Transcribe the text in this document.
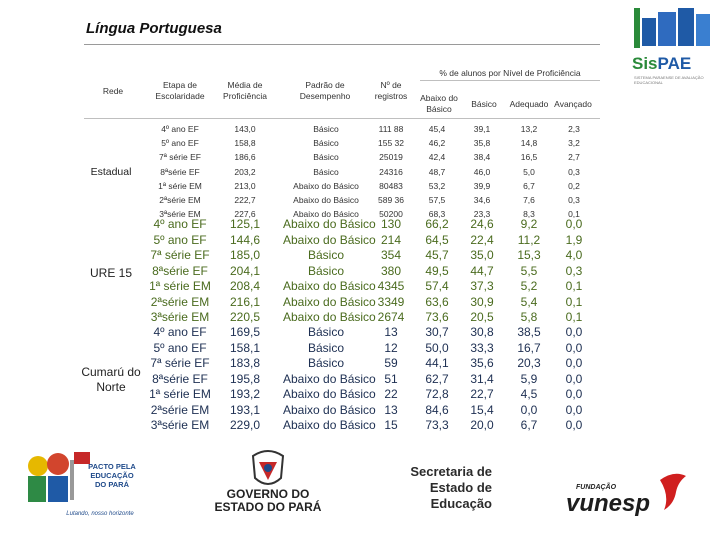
Língua Portuguesa
SisPAE
SISTEMA PARAENSE DE AVALIAÇÃO EDUCACIONAL
Rede
Etapa de Escolaridade
Média de Proficiência
Padrão de Desempenho
Nº de registros
% de alunos por Nível de Proficiência
Abaixo do Básico	Básico	Adequado Avançado
Estadual
URE 15
Cumarú do Norte
4º ano EF
5º ano EF
7ª série EF
8ªsérie EF
1ª série EM
2ªsérie EM
3ªsérie EM
143,0
158,8
186,6
203,2
213,0
222,7
227,6
Básico
Básico
Básico
Básico
Abaixo do Básico
Abaixo do Básico
Abaixo do Básico
111 88
155 32
25019
24316
80483
589 36
50200
45,4
46,2
42,4
48,7
53,2
57,5
68,3
39,1
35,8
38,4
46,0
39,9
34,6
23,3
13,2
14,8
16,5
5,0
6,7
7,6
8,3
2,3
3,2
2,7
0,3
0,2
0,3
0,1
4º ano EF
5º ano EF
7ª série EF
8ªsérie EF
1ª série EM
2ªsérie EM
3ªsérie EM
125,1
144,6
185,0
204,1
208,4
216,1
220,5
Abaixo do Básico
Abaixo do Básico
Básico
Básico
Abaixo do Básico
Abaixo do Básico
Abaixo do Básico
130
214
354
380
4345
3349
2674
66,2
64,5
45,7
49,5
57,4
63,6
73,6
24,6
22,4
35,0
44,7
37,3
30,9
20,5
9,2
11,2
15,3
5,5
5,2
5,4
5,8
0,0
1,9
4,0
0,3
0,1
0,1
0,1
4º ano EF
5º ano EF
7ª série EF
8ªsérie EF
1ª série EM
2ªsérie EM
3ªsérie EM
169,5
158,1
183,8
195,8
193,2
193,1
229,0
Básico
Básico
Básico
Abaixo do Básico
Abaixo do Básico
Abaixo do Básico
Abaixo do Básico
13
12
59
51
22
13
15
30,7
50,0
44,1
62,7
72,8
84,6
73,3
30,8
33,3
35,6
31,4
22,7
15,4
20,0
38,5
16,7
20,3
5,9
4,5
0,0
6,7
0,0
0,0
0,0
0,0
0,0
0,0
0,0
PACTO PELA
EDUCAÇÃO
DO PARÁ
Lutando, nosso horizonte
GOVERNO DO
ESTADO DO PARÁ
Secretaria de
Estado de
Educação
FUNDAÇÃO
vunesp
